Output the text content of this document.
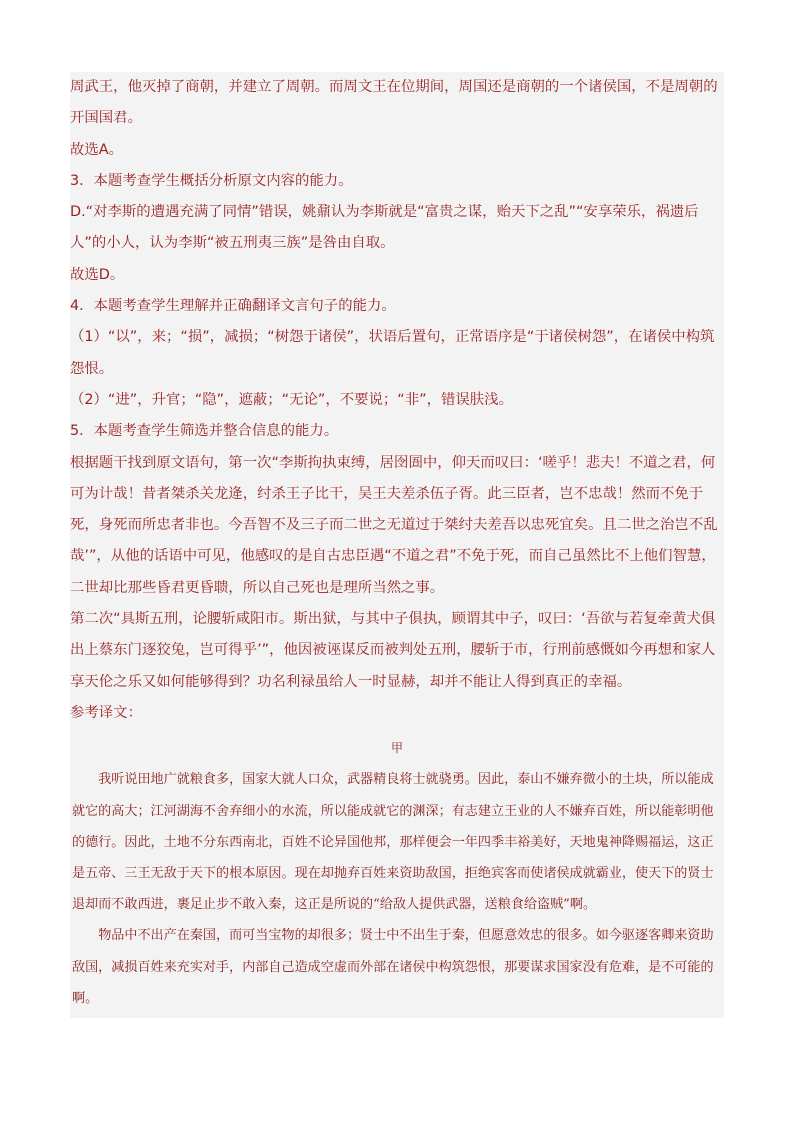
周武王，他灭掉了商朝，并建立了周朝。而周文王在位期间，周国还是商朝的一个诸侯国，不是周朝的开国国君。

故选A。

3．本题考查学生概括分析原文内容的能力。

D.“对李斯的遭遇充满了同情”错误，姚鼐认为李斯就是“富贵之谋，贻天下之乱”“安享荣乐，祸遗后人”的小人，认为李斯“被五刑夷三族”是咎由自取。

故选D。

4．本题考查学生理解并正确翻译文言句子的能力。

（1）“以”，来；“损”，减损；“树怨于诸侯”，状语后置句，正常语序是“于诸侯树怨”，在诸侯中构筑怨恨。

（2）“进”，升官；“隐”，遮蔽；“无论”，不要说；“非”，错误肤浅。

5．本题考查学生筛选并整合信息的能力。

根据题干找到原文语句，第一次“李斯拘执束缚，居囹圄中，仰天而叹曰：‘嗟乎！悲夫！不道之君，何可为计哉！昔者桀杀关龙逄，纣杀王子比干，吴王夫差杀伍子胥。此三臣者，岂不忠哉！然而不免于死，身死而所忠者非也。今吾智不及三子而二世之无道过于桀纣夫差吾以忠死宜矣。且二世之治岂不乱哉’”，从他的话语中可见，他感叹的是自古忠臣遇“不道之君”不免于死，而自己虽然比不上他们智慧，二世却比那些昏君更昏聩，所以自己死也是理所当然之事。

第二次“具斯五刑，论腰斩咸阳市。斯出狱，与其中子俱执，顾谓其中子，叹曰：‘吾欲与若复牵黄犬俱出上蔡东门逐狡兔，岂可得乎’”，他因被诬谋反而被判处五刑，腰斩于市，行刑前感慨如今再想和家人享天伦之乐又如何能够得到？功名利禄虽给人一时显赫，却并不能让人得到真正的幸福。

参考译文：

甲

我听说田地广就粮食多，国家大就人口众，武器精良将士就骁勇。因此，泰山不嫌弃微小的土块，所以能成就它的高大；江河湖海不舍弃细小的水流，所以能成就它的渊深；有志建立王业的人不嫌弃百姓，所以能彰明他的德行。因此，土地不分东西南北，百姓不论异国他邦，那样便会一年四季丰裕美好，天地鬼神降赐福运，这正是五帝、三王无敌于天下的根本原因。现在却抛弃百姓来资助敌国，拒绝宾客而使诸侯成就霸业，使天下的贤士退却而不敢西进，裹足止步不敢入秦，这正是所说的“给敌人提供武器，送粮食给盗贼”啊。

物品中不出产在秦国，而可当宝物的却很多；贤士中不出生于秦，但愿意效忠的很多。如今驱逐客卿来资助敌国，减损百姓来充实对手，内部自己造成空虚而外部在诸侯中构筑怨恨，那要谋求国家没有危难，是不可能的啊。
